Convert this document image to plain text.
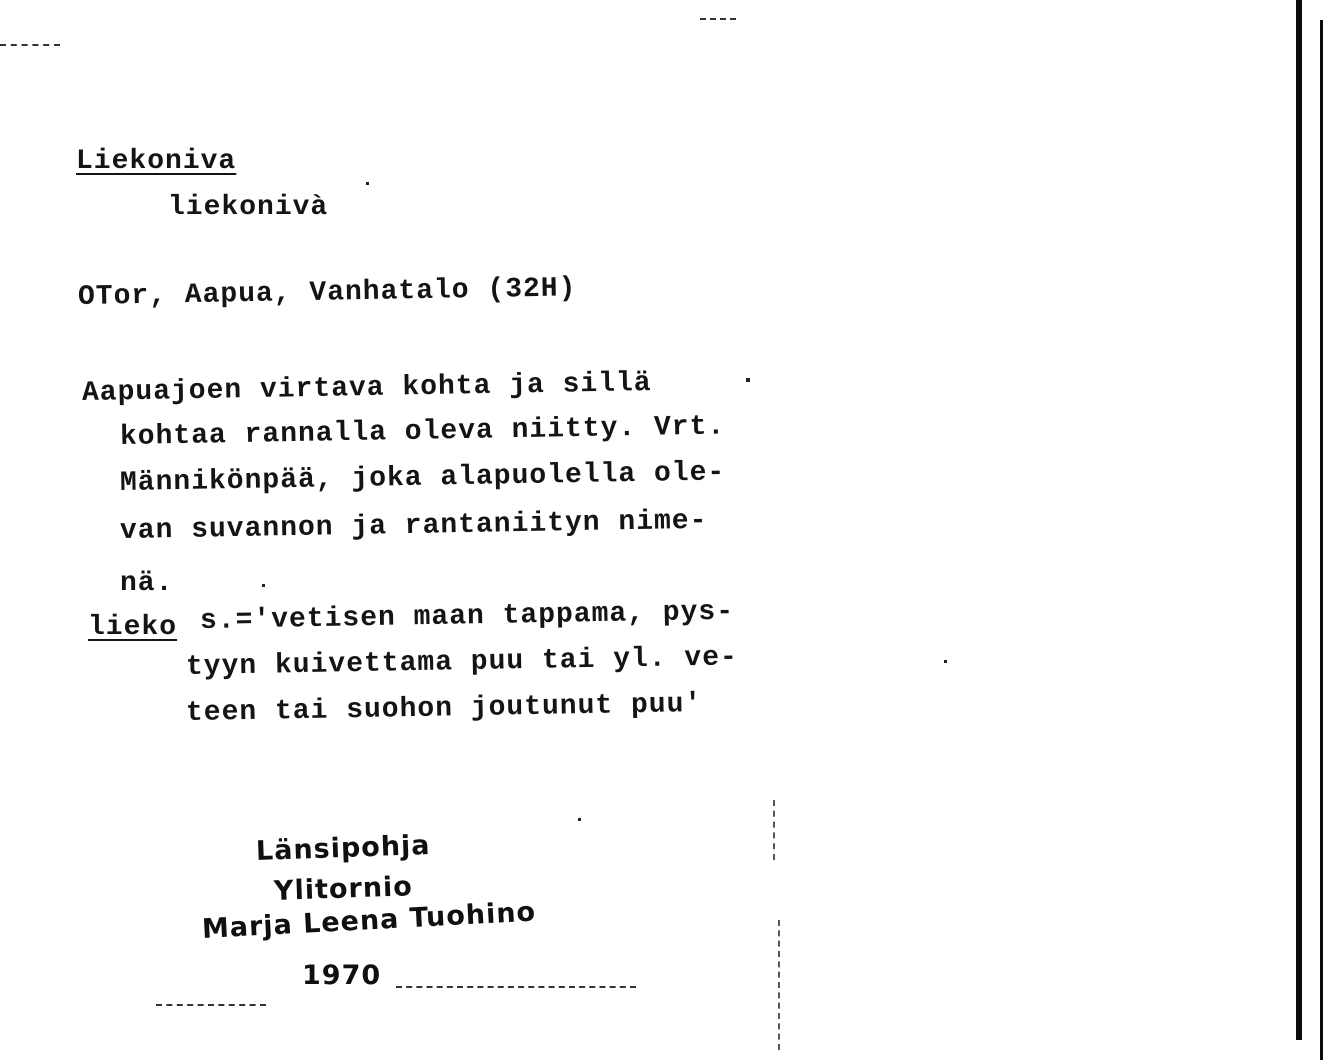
Liekoniva
liekonivà
OTor, Aapua, Vanhatalo (32H)
Aapuajoen virtava kohta ja sillä
kohtaa rannalla oleva niitty. Vrt.
Männikönpää, joka alapuolella ole-
van suvannon ja rantaniityn nime-
nä.
lieko s.='vetisen maan tappama, pys-
tyyn kuivettama puu tai yl. ve-
teen tai suohon joutunut puu'
Länsipohja
Ylitornio
Marja Leena Tuohino
1970
